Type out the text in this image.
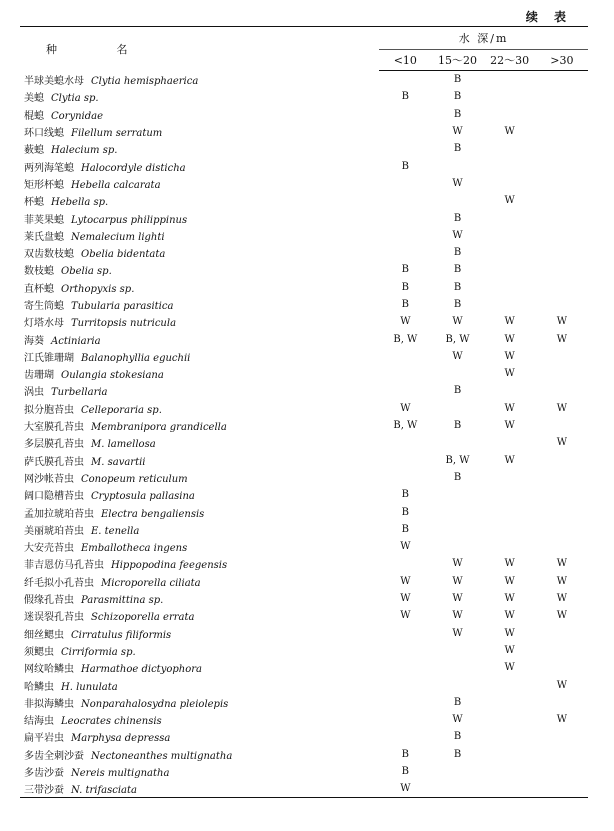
续 表
种 名	水 深/m			
	<10	15～20	22～30	>30
半球美螅水母 Clytia hemisphaerica		B		
美螅 Clytia sp.	B	B		
棍螅 Corynidae		B		
环口线螅 Filellum serratum		W	W	
薮螅 Halecium sp.		B		
两列海笔螅 Halocordyle disticha	B			
矩形杯螅 Hebella calcarata		W		
杯螅 Hebella sp.			W	
菲荚果螅 Lytocarpus philippinus		B		
莱氏盘螅 Nemalecium lighti		W		
双齿数枝螅 Obelia bidentata		B		
数枝螅 Obelia sp.	B	B		
直杯螅 Orthopyxis sp.	B	B		
寄生筒螅 Tubularia parasitica	B	B		
灯塔水母 Turritopsis nutricula	W	W	W	W
海葵 Actiniaria	B, W	B, W	W	W
江氏锥珊瑚 Balanophyllia eguchii		W	W	
齿珊瑚 Oulangia stokesiana			W	
涡虫 Turbellaria		B		
拟分胞苔虫 Celleporaria sp.	W		W	W
大室膜孔苔虫 Membranipora grandicella	B, W	B	W	
多层膜孔苔虫 M. lamellosa				W
萨氏膜孔苔虫 M. savartii		B, W	W	
网沙帐苔虫 Conopeum reticulum		B		
阔口隐槽苔虫 Cryptosula pallasina	B			
孟加拉琥珀苔虫 Electra bengaliensis	B			
美丽琥珀苔虫 E. tenella	B			
大安壳苔虫 Emballotheca ingens	W			
菲吉恩仿马孔苔虫 Hippopodina feegensis		W	W	W
纤毛拟小孔苔虫 Microporella ciliata	W	W	W	W
假缘孔苔虫 Parasmittina sp.	W	W	W	W
迷误裂孔苔虫 Schizoporella errata	W	W	W	W
细丝鳃虫 Cirratulus filiformis		W	W	
须鳃虫 Cirriformia sp.			W	
网纹哈鳞虫 Harmathoe dictyophora			W	
哈鳞虫 H. lunulata				W
非拟海鳞虫 Nonparahalosydna pleiolepis		B		
结海虫 Leocrates chinensis		W		W
扁平岩虫 Marphysa depressa		B		
多齿全刺沙蚕 Nectoneanthes multignatha	B	B		
多齿沙蚕 Nereis multignatha	B			
三带沙蚕 N. trifasciata	W			
